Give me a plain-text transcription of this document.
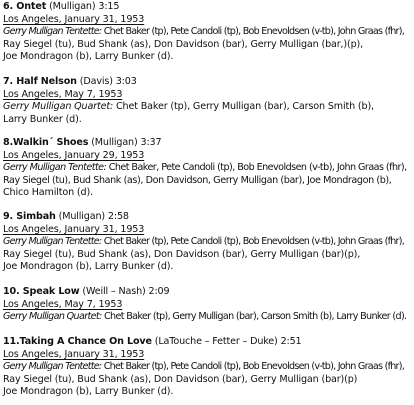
6. Ontet (Mulligan) 3:15
Los Angeles, January 31, 1953
Gerry Mulligan Tentette: Chet Baker (tp), Pete Candoli (tp), Bob Enevoldsen (v-tb), John Graas (fhr),
Ray Siegel (tu), Bud Shank (as), Don Davidson (bar), Gerry Mulligan (bar,)(p),
Joe Mondragon (b), Larry Bunker (d).
7. Half Nelson (Davis) 3:03
Los Angeles, May 7, 1953
Gerry Mulligan Quartet: Chet Baker (tp), Gerry Mulligan (bar), Carson Smith (b),
Larry Bunker (d).
8.Walkin´ Shoes (Mulligan) 3:37
Los Angeles, January 29, 1953
Gerry Mulligan Tentette: Chet Baker, Pete Candoli (tp), Bob Enevoldsen (v-tb), John Graas (fhr),
Ray Siegel (tu), Bud Shank (as), Don Davidson, Gerry Mulligan (bar), Joe Mondragon (b),
Chico Hamilton (d).
9. Simbah (Mulligan) 2:58
Los Angeles, January 31, 1953
Gerry Mulligan Tentette: Chet Baker (tp), Pete Candoli (tp), Bob Enevoldsen (v-tb), John Graas (fhr),
Ray Siegel (tu), Bud Shank (as), Don Davidson (bar), Gerry Mulligan (bar)(p),
Joe Mondragon (b), Larry Bunker (d).
10. Speak Low (Weill – Nash) 2:09
Los Angeles, May 7, 1953
Gerry Mulligan Quartet: Chet Baker (tp), Gerry Mulligan (bar), Carson Smith (b), Larry Bunker (d).
11.Taking A Chance On Love (LaTouche – Fetter – Duke) 2:51
Los Angeles, January 31, 1953
Gerry Mulligan Tentette: Chet Baker (tp), Pete Candoli (tp), Bob Enevoldsen (v-tb), John Graas (fhr),
Ray Siegel (tu), Bud Shank (as), Don Davidson (bar), Gerry Mulligan (bar)(p)
Joe Mondragon (b), Larry Bunker (d).
